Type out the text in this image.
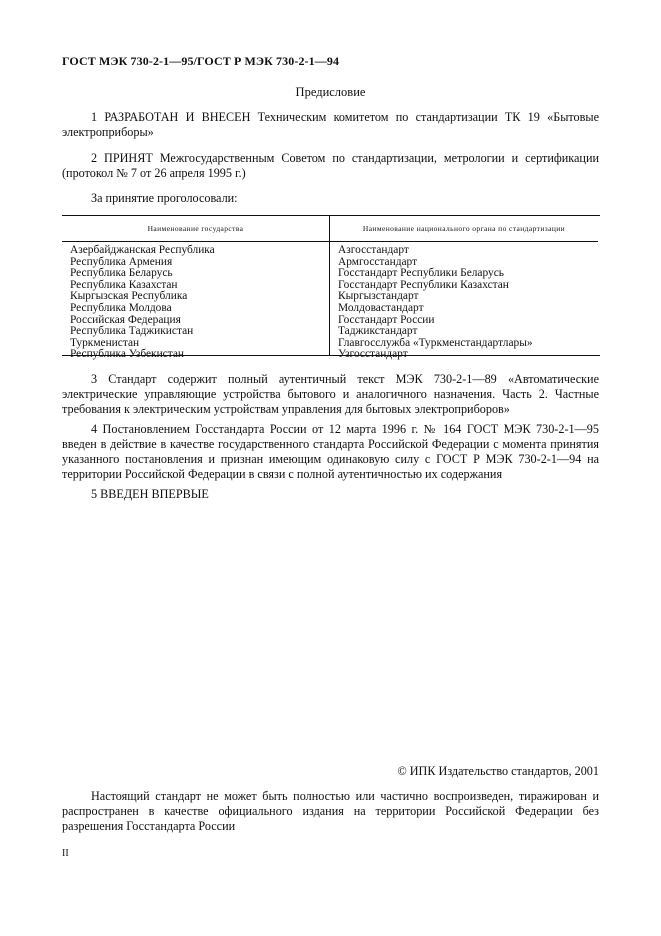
ГОСТ МЭК 730-2-1—95/ГОСТ Р МЭК 730-2-1—94
Предисловие
1 РАЗРАБОТАН И ВНЕСЕН Техническим комитетом по стандартизации ТК 19 «Бытовые электроприборы»
2 ПРИНЯТ Межгосударственным Советом по стандартизации, метрологии и сертификации (протокол № 7 от 26 апреля 1995 г.)
За принятие проголосовали:
Наименование государства	Наименование национального органа по стандартизации
Азербайджанская Республика
Республика Армения
Республика Беларусь
Республика Казахстан
Кыргызская Республика
Республика Молдова
Российская Федерация
Республика Таджикистан
Туркменистан
Республика Узбекистан
Азгосстандарт
Армгосстандарт
Госстандарт Республики Беларусь
Госстандарт Республики Казахстан
Кыргызстандарт
Молдовастандарт
Госстандарт России
Таджикстандарт
Главгосслужба «Туркменстандартлары»
Узгосстандарт
3 Стандарт содержит полный аутентичный текст МЭК 730-2-1—89 «Автоматические электрические управляющие устройства бытового и аналогичного назначения. Часть 2. Частные требования к электрическим устройствам управления для бытовых электроприборов»
4 Постановлением Госстандарта России от 12 марта 1996 г. № 164 ГОСТ МЭК 730-2-1—95 введен в действие в качестве государственного стандарта Российской Федерации с момента принятия указанного постановления и признан имеющим одинаковую силу с ГОСТ Р МЭК 730-2-1—94 на территории Российской Федерации в связи с полной аутентичностью их содержания
5 ВВЕДЕН ВПЕРВЫЕ
© ИПК Издательство стандартов, 2001
Настоящий стандарт не может быть полностью или частично воспроизведен, тиражирован и распространен в качестве официального издания на территории Российской Федерации без разрешения Госстандарта России
II
